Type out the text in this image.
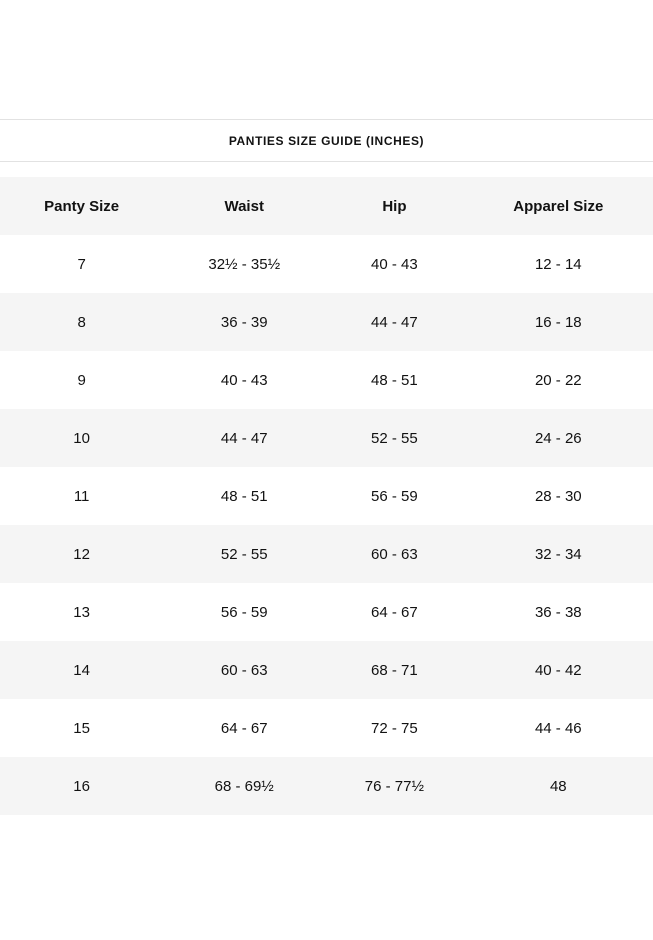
PANTIES SIZE GUIDE (INCHES)
Panty Size	Waist	Hip	Apparel Size
7	32½ - 35½	40 - 43	12 - 14
8	36 - 39	44 - 47	16 - 18
9	40 - 43	48 - 51	20 - 22
10	44 - 47	52 - 55	24 - 26
11	48 - 51	56 - 59	28 - 30
12	52 - 55	60 - 63	32 - 34
13	56 - 59	64 - 67	36 - 38
14	60 - 63	68 - 71	40 - 42
15	64 - 67	72 - 75	44 - 46
16	68 - 69½	76 - 77½	48
